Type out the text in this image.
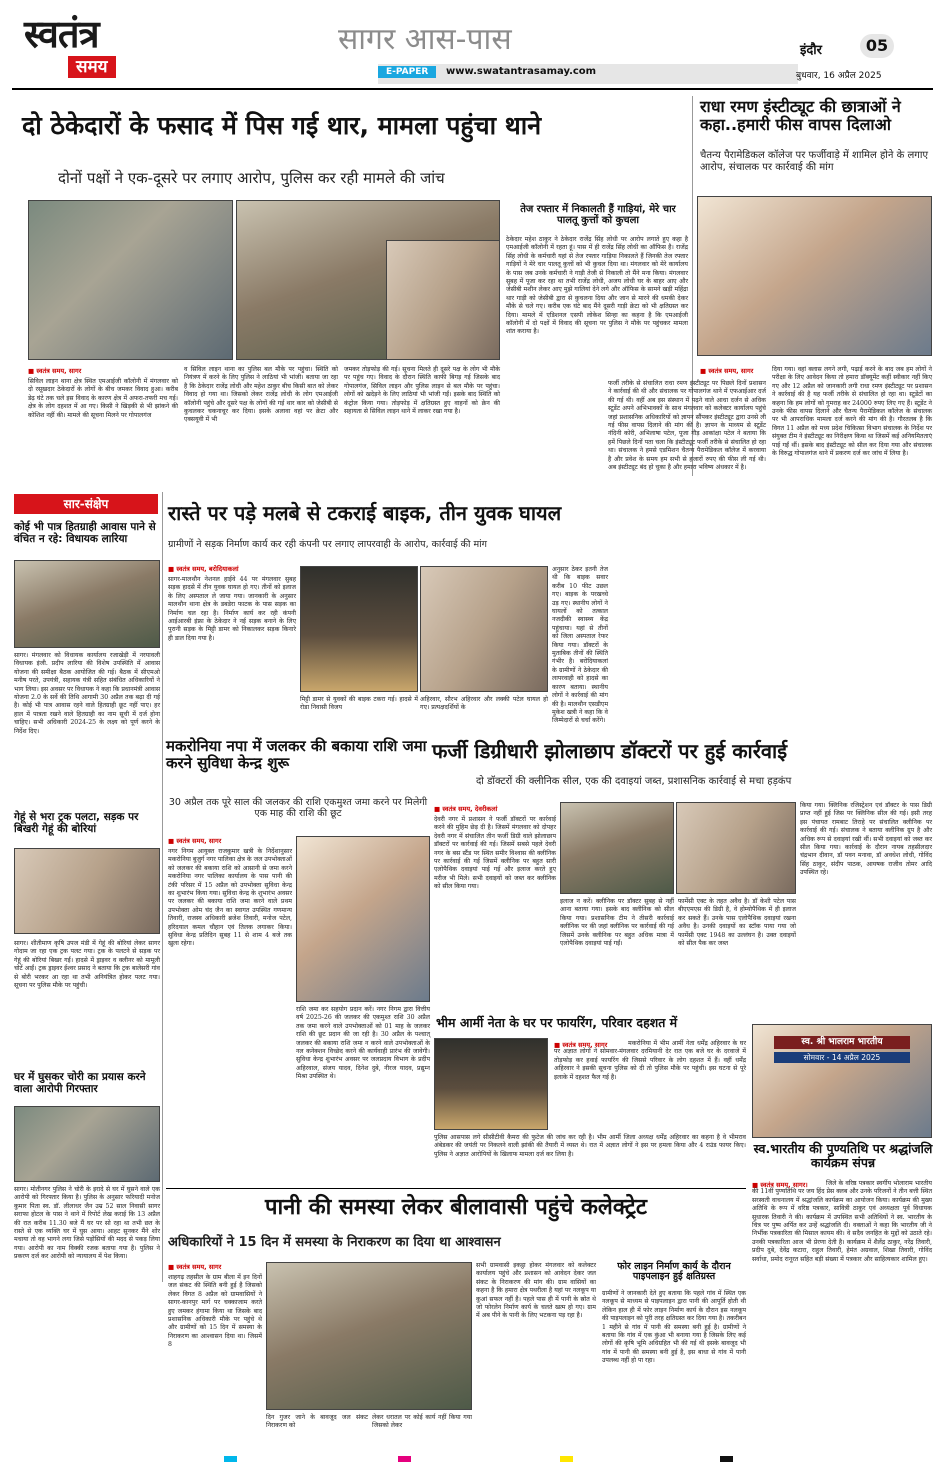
स्वतंत्र
समय
सागर आस-पास	इंदौर	05
E-PAPER	www.swatantrasamay.com	बुधवार, 16 अप्रैल 2025
दो ठेकेदारों के फसाद में पिस गई थार, मामला पहुंचा थाने
दोनों पक्षों ने एक-दूसरे पर लगाए आरोप, पुलिस कर रही मामले की जांच
तेज रफ्तार में निकालती हैं गाड़ियां, मेरे चार पालतू कुत्तों को कुचला
ठेकेदार महेश ठाकुर ने ठेकेदार राजेंद्र सिंह लोधी पर आरोप लगाते हुए कहा है एमआईजी कॉलोनी में रहता हूं। पास में ही राजेंद्र सिंह लोधी का ऑफिस है। राजेंद्र सिंह लोधी के कर्मचारी यहां से तेज रफ्तार गाड़िया निकालते हैं जिनकी तेज रफ्तार गाड़ियों ने मेरे चार पालतू कुत्तों को भी कुचल दिया था। मंगलवार को मेरे कार्यालय के पास जब उनके कर्मचारी ने गाड़ी तेजी से निकाली तो मैंने मना किया। मंगलवार सुबह में पूजा कर रहा था तभी राजेंद्र लोधी, अजय लोधी घर के बाहर आए और जेसीबी मशीन लेकर आए मुझे गालियां देने लगे और ऑफिस के सामने खड़ी महिंद्रा थार गाड़ी को जेसीबी द्वारा से कुचलना दिया और जान से मारने की धमकी देकर मौके से चले गए। करीब एक घंटे बाद मैंने दूसरी गाड़ी क्रेटा को भी क्षतिग्रस्त कर दिया। मामले में एडिशनल एसपी लोकेश सिन्हा का कहना है कि एमआईजी कॉलोनी में दो पक्षों में विवाद की सूचना पर पुलिस ने मौके पर पहुंचकर मामला शांत कराया है।
■ स्वतंत्र समय, सागर
सिविल लाइन थाना क्षेत्र स्थित एमआईजी कॉलोनी में मंगलवार को दो रसूखदार ठेकेदारों के लोगों के बीच जमकर विवाद हुआ। करीब डेढ़ घंटे तक चले इस विवाद के कारण क्षेत्र में अफरा-तफरी मच गई। क्षेत्र के लोग दहशत में आ गए। किसी ने खिड़की से भी झांकने की कोशिश नहीं की। मामले की सूचना मिलने पर गोपालगंज
व सिविल लाइन थाना का पुलिस बल मौके पर पहुंचा। स्थिति को नियंत्रण में करने के लिए पुलिस ने लाठियां भी भांजी। बताया जा रहा है कि ठेकेदार राजेंद्र लोधी और महेश ठाकुर बीच किसी बात को लेकर विवाद हो गया था। जिसको लेकर राजेंद्र लोधी के लोग एमआईजी कॉलोनी पहुंचे और दूसरे पक्ष के लोगों की गई थार कार को जेसीबी से कुचलकर चकनाचूर कर दिया। इसके अलावा वहां पर क्रेटा और एक्सयूवी में भी
जमकर तोड़फोड़ की गई। सूचना मिलते ही दूसरे पक्ष के लोग भी मौके पर पहुंच गए। विवाद के दौरान स्थिति काफी बिगड़ गई जिसके बाद गोपालगंज, सिविल लाइन और पुलिस लाइन से बल मौके पर पहुंचा। लोगों को खदेड़ने के लिए लाठियां भी भांजी गईं। इसके बाद स्थिति को कंट्रोल किया गया। तोड़फोड़ में क्षतिग्रस्त हुए वाहनों को क्रेन की सहायता से सिविल लाइन थाने में लाकर रखा गया है।
राधा रमण इंस्टीट्यूट की छात्राओं ने कहा..हमारी फीस वापस दिलाओ
चैतन्य पैरामेडिकल कॉलेज पर फर्जीवाड़े में शामिल होने के लगाए आरोप, संचालक पर कार्रवाई की मांग
■ स्वतंत्र समय, सागर
फर्जी तरीके से संचालित राधा रमण इंस्टीट्यूट पर पिछले दिनों प्रशासन ने कार्रवाई की थी और संचालक पर गोपालगंज थाने में एफआईआर दर्ज की गई थी। वहीं अब इस संस्थान में पढ़ने वाले आधा दर्जन से अधिक स्टूडेंट अपने अभिभावकों के साथ मंगलवार को कलेक्टर कार्यालय पहुंचे जहां प्रशासनिक अधिकारियों को ज्ञापन सौंपकर इंस्टीट्यूट द्वारा उनसे ली गई फीस वापस दिलाने की मांग की है। ज्ञापन के माध्यम से स्टूडेंट नंदिनी कोरी, अभिलाषा पटेल, पूजा गौड़ आकांक्षा पटेल ने बताया कि हमें पिछले दिनों पता चला कि इंस्टीट्यूट फर्जी तरीके से संचालित हो रहा था। संचालक ने हमसे एडमिशन चैतन्य पैरामेडिकल कॉलेज में करवाया है और प्रवेश के समय हम सभी से हजारों रुपए की फीस ली गई थी। अब इंस्टीट्यूट बंद हो चुका है और हमारा भविष्य अंधकार में है।
दिया गया। वहां क्लास लगने लगी, पढ़ाई करने के बाद जब हम लोगों ने परीक्षा के लिए आवेदन किया तो हमारा डॉक्यूमेंट कहीं स्वीकार नहीं किए गए और 12 अप्रैल को जानकारी लगी राधा रमण इंस्टीट्यूट पर प्रशासन ने कार्रवाई की है यह फर्जी तरीके से संचालित हो रहा था। स्टूडेंटों का कहना कि हम लोगों को गुमराह कर 24000 रुपए लिए गए हैं। स्टूडेंट ने उनके फीस वापस दिलाने और चैतन्य पैरामेडिकल कॉलेज के संचालक पर भी आपराधिक मामला दर्ज करने की मांग की है। गौरतलब है कि विगत 11 अप्रैल को मध्य प्रदेश चिकित्सा विभाग संचालक के निर्देश पर संयुक्त टीम ने इंस्टीट्यूट का निरीक्षण किया था जिसमें कई अनियमितताएं पाई गईं थीं। इसके बाद इंस्टीट्यूट को सील कर दिया गया और संचालक के विरुद्ध गोपालगंज थाने में प्रकरण दर्ज कर जांच में लिया है।
सार-संक्षेप
कोई भी पात्र हितग्राही आवास पाने से वंचित न रहे: विधायक लारिया
सागर। मंगलवार को विधायक कार्यालय रजाखेड़ी में नरयावली विधायक इंजी. प्रदीप लारिया की विशेष उपस्थिति में आवास योजना की समीक्षा बैठक आयोजित की गई। बैठक में सीएमओ मनीष परते, उपयंत्री, सहायक यंत्री सहित संबंधित अधिकारियों ने भाग लिया। इस अवसर पर विधायक ने कहा कि प्रधानमंत्री आवास योजना 2.0 के सर्वे की तिथि आगामी 30 अप्रैल तक बढ़ा दी गई है। कोई भी पात्र आवास रहने वाले हितग्राही छूट नहीं पाए। हर हाल में पात्रता रखने वाले हितग्राही का नाम सूची में दर्ज होना चाहिए। सभी अधिकारी 2024-25 के लक्ष्य को पूर्ण करने के निर्देश दिए।
गेहूं से भरा ट्रक पलटा, सड़क पर बिखरी गेहूं की बोरियां
सागर। शीतीमाण कृषि उपज मंडी में गेहूं की बोरियां लेकर सागर गोदाम जा रहा एक ट्रक पलट गया। ट्रक के पलटने से सड़क पर गेहूं की बोरियां बिखर गईं। हादसे में ड्राइवर व क्लीनर को मामूली चोटें आईं। ट्रक ड्राइवर ईश्वर प्रसाद ने बताया कि ट्रक बालेसरी गांव से बोरी भरकर आ रहा था तभी अनियंत्रित होकर पलट गया। सूचना पर पुलिस मौके पर पहुंची।
घर में घुसकर चोरी का प्रयास करने वाला आरोपी गिरफ्तार
सागर। मोतीनगर पुलिस ने चोरी के इरादे से घर में घुसने वाले एक आरोपी को गिरफ्तार किया है। पुलिस के अनुसार फरियादी मनोज कुमार पिता स्व. डॉ. लीलाधर जैन उम्र 52 साल निवासी सागर सराफा होटल के पास ने थाने में रिपोर्ट लेख कराई कि 13 अप्रैल की रात करीब 11.30 बजे मैं घर पर सो रहा था तभी छत के रास्ते से एक व्यक्ति घर में घुस आया। आहट सुनकर मैंने शोर मचाया तो वह भागने लगा जिसे पड़ोसियों की मदद से पकड़ लिया गया। आरोपी का नाम विक्की रजक बताया गया है। पुलिस ने प्रकरण दर्ज कर आरोपी को न्यायालय में पेश किया।
रास्ते पर पड़े मलबे से टकराई बाइक, तीन युवक घायल
ग्रामीणों ने सड़क निर्माण कार्य कर रही कंपनी पर लगाए लापरवाही के आरोप, कार्रवाई की मांग
■ स्वतंत्र समय, बरोदियाकलां
सागर-मालथौन नेशनल हाईवे 44 पर मंगलवार सुबह सड़क हादसे में तीन युवक घायल हो गए। तीनों को इलाज के लिए अस्पताल ले जाया गया। जानकारी के अनुसार मालथौन थाना क्षेत्र के डबडेरा फाटक के पास सड़क का निर्माण चल रहा है। निर्माण कार्य कर रही कंपनी आईआरबी इंफ्रा के ठेकेदार ने नई सड़क बनाने के लिए पुरानी सड़क के मिट्टी डामर को निकालकर सड़क किनारे ही डाल दिया गया है।
मिट्टी डामर से युवकों की बाइक टकरा गई। हादसे में रोडा निवासी विजय
अहिरवार, सौरभ अहिरवार और लक्की पटेल घायल हो गए। प्रत्यक्षदर्शियों के
अनुसार ठेकर इतनी तेज थी कि बाइक सवार करीब 10 फीट उछल गए। बाइक के परखच्चे उड़ गए। स्थानीय लोगों ने घायलों को तत्काल नजदीकी स्वास्थ्य केंद्र पहुंचाया। यहां से तीनों को जिला अस्पताल रेफर किया गया। डॉक्टरों के मुताबिक तीनों की स्थिति गंभीर है। बरोदियाकलां के ग्रामीणों ने ठेकेदार की लापरवाही को हादसे का कारण बताया। स्थानीय लोगों ने कार्रवाई की मांग की है। मालथौन एसडीएम मुकेश खत्री ने कहा कि वे जिम्मेदारों से चर्चा करेंगे।
मकरोनिया नपा में जलकर की बकाया राशि जमा करने सुविधा केन्द्र शुरू
30 अप्रैल तक पूरे साल की जलकर की राशि एकमुश्त जमा करने पर मिलेगी एक माह की राशि की छूट
■ स्वतंत्र समय, सागर
नगर निगम आयुक्त राजकुमार खत्री के निर्देशानुसार मकरोनिया बुजुर्ग नगर पालिका क्षेत्र के जल उपभोक्ताओं को जलकर की बकाया राशि को आसानी से जमा करने मकरोनिया नगर पालिका कार्यालय के पास पानी की टंकी परिसर में 15 अप्रैल को उपभोक्ता सुविधा केन्द्र का शुभारंभ किया गया। सुविधा केन्द्र के शुभारंभ अवसर पर जलकर की बकाया राशि जमा करने वाले प्रथम उपभोक्ता ओम चंद जैन का स्वागत उपस्थित गणमान्य तिवारी, राजस्व अधिकारी ब्रजेश तिवारी, मनोज पटेल, हरिदयाल कमल चौहान एवं तिलक लगाकर किया। सुविधा केन्द्र प्रतिदिन सुबह 11 से शाम 4 बजे तक खुला रहेगा।
राशि जमा कर सहयोग प्रदान करें। नगर निगम द्वारा वित्तीय वर्ष 2025-26 की जलकर की एकमुश्त राशि 30 अप्रैल तक जमा करने वाले उपभोक्ताओं को 01 माह के जलकर राशि की छूट प्रदान की जा रही है। 30 अप्रैल के पश्चात् जलकर की बकाया राशि जमा न करने वाले उपभोक्ताओं के नल कनेक्शन विच्छेद करने की कार्यवाही प्रारंभ की जावेगी। सुविधा केन्द्र शुभारंभ अवसर पर जलप्रदाय विभाग के प्रदीप अहिरवाल, संजय यादव, दिनेश दुबे, नीरज यादव, प्रद्युम्न मिश्रा उपस्थित थे।
फर्जी डिग्रीधारी झोलाछाप डॉक्टरों पर हुई कार्रवाई
दो डॉक्टरों की क्लीनिक सील, एक की दवाइयां जब्त, प्रशासनिक कार्रवाई से मचा हड़कंप
■ स्वतंत्र समय, देवरीकलां
देवरी नगर में प्रशासन ने फर्जी डॉक्टरों पर कार्रवाई करने की मुहिम छेड़ दी है। जिसमें मंगलवार को दोपहर देवरी नगर में संचालित तीन फर्जी डिग्री वाले झोलाछाप डॉक्टरों पर कार्रवाई की गई। जिसमें सबसे पहले देवरी नगर के बस स्टैंड पर स्थित समीर विश्वास की क्लीनिक पर कार्रवाई की गई जिसमें क्लीनिक पर बहुत सारी एलोपैथिक दवाइयां पाई गई और इलाज करते हुए मरीज भी मिले। सभी दवाइयों को जब्त कर क्लीनिक को सील किया गया।
इलाज न करें। क्लीनिक पर डॉक्टर सुबह से नहीं आना बताया गया। इसके बाद क्लीनिक को सील किया गया। प्रशासनिक टीम ने तीसरी कार्रवाई क्लीनिक पर की जहां क्लीनिक पर कार्रवाई की गई जिसमें उनके क्लीनिक पर बहुत अधिक मात्रा में एलोपैथिक दवाइयां पाई गईं।
फार्मेसी एक्ट के तहत अवैध है। डॉ केशी पटेल पास बीएएमएस की डिग्री है, वे होम्योपैथिक में ही इलाज कर सकते हैं। उनके पास एलोपैथिक दवाइयां रखना अवैध है। उनकी दवाइयों का स्टॉक पाया गया जो फार्मेसी एक्ट 1948 का उल्लंघन है। उक्त दवाइयों को सील पैक कर जब्त
किया गया। क्लिनिक रजिस्ट्रेशन एवं डॉक्टर के पास डिग्री प्राप्त नहीं हुई जिस पर क्लिनिक सील की गई। इसी तरह इस पंचायत रामबाट तिराहे पर संचालित क्लीनिक पर कार्रवाई की गई। संचालक ने बताया क्लीनिक ग्रुप है और अधिक रूप से दवाइयां रखी थीं। सभी दवाइयां को जब्त कर सील किया गया। कार्रवाई के दौरान नायब तहसीलदार चंद्रभान दीवान, डॉ पवन मनावा, डॉ अवधेश लोधी, गोविंद सिंह ठाकुर, संदीप पाठक, आयषक राजीव तोमर आदि उपस्थित रहे।
भीम आर्मी नेता के घर पर फायरिंग, परिवार दहशत में
■ स्वतंत्र समय, सागर	मकरोनिया में भीम आर्मी नेता धर्मेंद्र अहिरवार के घर पर अज्ञात लोगों ने सोमवार-मंगलवार दरमियानी देर रात एक बजे घर के दरवाजे में तोड़फोड़ कर हवाई फायरिंग की जिससे परिवार के लोग दहशत में हैं। वहीं धर्मेंद्र अहिरवार ने इसकी सूचना पुलिस को दी तो पुलिस मौके पर पहुंची। इस घटना से पूरे इलाके में दहशत फैल गई है।
पुलिस आसपास लगे सीसीटीवी कैमरा की फुटेज की जांच कर रही है। भीम आर्मी जिला अध्यक्ष धर्मेंद्र अहिरवार का कहना है वे भीमराव अंबेडकर की जयंती पर निकलने वाली झांकी की तैयारी में व्यस्त थे। रात में अज्ञात लोगों ने इस पर हमला किया और 4 राउंड फायर किए। पुलिस ने अज्ञात आरोपियों के खिलाफ मामला दर्ज कर लिया है।
स्व. श्री भालराम भारतीय
सोमवार - 14 अप्रैल 2025
स्व.भारतीय की पुण्यतिथि पर श्रद्धांजलि कार्यक्रम संपन्न
■ स्वतंत्र समय, सागर।	जिले के वरिष्ठ पत्रकार स्वर्गीय भोलाराम भारतीय की 11वीं पुण्यतिथि पर जय हिंद प्रेस क्लब और उनके परिजनों ने तीन बत्ती स्थित सरस्वती वाचनालय में श्रद्धांजलि कार्यक्रम का आयोजन किया। कार्यक्रम की मुख्य अतिथि के रूप में वरिष्ठ पत्रकार, सावित्री ठाकुर एवं अध्यक्षता पूर्व विधायक सुधारक तिवारी ने की। कार्यक्रम में उपस्थित सभी अतिथियों ने स्व. भारतीय के चित्र पर पुष्प अर्पित कर उन्हें श्रद्धांजलि दी। वक्ताओं ने कहा कि भारतीय जी ने निर्भीक पत्रकारिता की मिसाल कायम की। वे सदैव जनहित के मुद्दों को उठाते रहे। उनकी पत्रकारिता आज भी प्रेरणा देती है। कार्यक्रम में शैलेंद्र ठाकुर, नरेंद्र तिवारी, प्रदीप दुबे, देवेंद्र कटारा, राहुल तिवारी, हेमंत अग्रवाल, शिखा तिवारी, गोविंद सर्वाधा, प्रमोद रानूरत सहित बड़ी संख्या में पत्रकार और साहित्यकार शामिल हुए।
पानी की समस्या लेकर बीलावासी पहुंचे कलेक्ट्रेट
अधिकारियों ने 15 दिन में समस्या के निराकरण का दिया था आश्वासन
■ स्वतंत्र समय, सागर
शाहगढ़ तहसील के ग्राम बीला में इन दिनों जल संकट की स्थिति बनी हुई है जिसको लेकर विगत 8 अप्रैल को ग्रामवासियों ने सागर-कानपुर मार्ग पर चक्काजाम करते हुए जमकर हंगामा किया था जिसके बाद प्रशासनिक अधिकारी मौके पर पहुंचे थे और ग्रामीणों को 15 दिन में समस्या के निराकरण का आश्वासन दिया था। जिसमें 8
दिन गुजर जाने के बावजूद जल संकट निराकरण को
लेकर धरातल पर कोई कार्य नहीं किया गया जिसको लेकर
सभी ग्रामवासी इकट्ठा होकर मंगलवार को कलेक्टर कार्यालय पहुंचे और प्रशासन को आवेदन देकर जल संकट के निराकरण की मांग की। ग्राम वासियों का कहना है कि हमारा क्षेत्र पथरीला है यहां पर नलकूप या कुआं सफल नहीं है। पहले पास ही में पानी के स्रोत थे जो फोरलेन निर्माण कार्य के चलते खत्म हो गए। ग्राम में अब पीने के पानी के लिए भटकना पड़ रहा है।
फोर लाइन निर्माण कार्य के दौरान पाइपलाइन हुई क्षतिग्रस्त
ग्रामीणों ने जानकारी देते हुए बताया कि पहले गांव में स्थित एक नलकूप से माध्यम से पाइपलाइन द्वारा पानी की आपूर्ति होती थी लेकिन हाल ही में फोर लाइन निर्माण कार्य के दौरान इस नलकूप की पाइपलाइन को पूरी तरह क्षतिग्रस्त कर दिया गया है। तकरीबन 1 महीने से गांव में पानी की समस्या बनी हुई है। ग्रामीणों ने बताया कि गांव में एक कुंआ भी बनाया गया है जिसके लिए कई लोगों की कृषि भूमि अधिग्रहित भी की गई थी इसके बावजूद भी गांव में पानी की समस्या बनी हुई है, इस बाधा से गांव में पानी उपलब्ध नहीं हो पा रहा।
